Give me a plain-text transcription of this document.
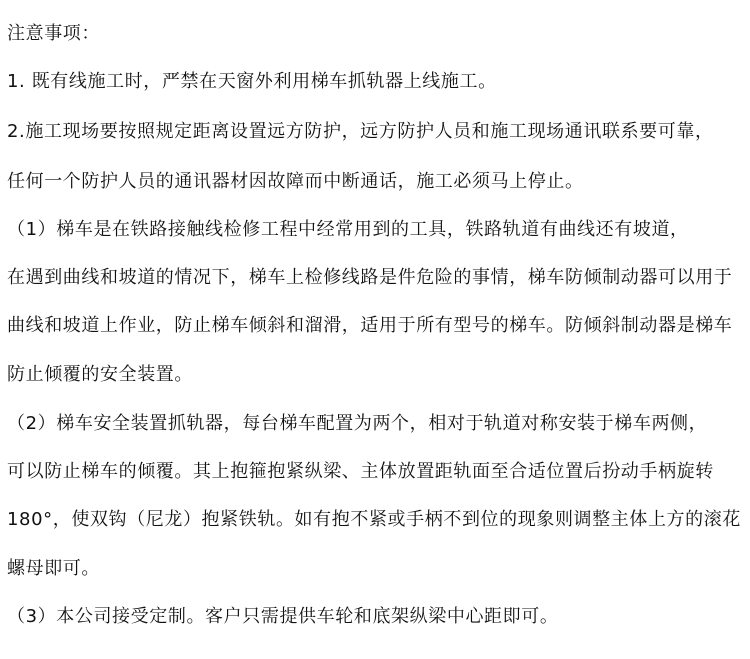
注意事项：
1. 既有线施工时，严禁在天窗外利用梯车抓轨器上线施工。
2.施工现场要按照规定距离设置远方防护，远方防护人员和施工现场通讯联系要可靠，
任何一个防护人员的通讯器材因故障而中断通话，施工必须马上停止。
（1）梯车是在铁路接触线检修工程中经常用到的工具，铁路轨道有曲线还有坡道，
在遇到曲线和坡道的情况下，梯车上检修线路是件危险的事情，梯车防倾制动器可以用于
曲线和坡道上作业，防止梯车倾斜和溜滑，适用于所有型号的梯车。防倾斜制动器是梯车
防止倾覆的安全装置。
（2）梯车安全装置抓轨器，每台梯车配置为两个，相对于轨道对称安装于梯车两侧，
可以防止梯车的倾覆。其上抱箍抱紧纵梁、主体放置距轨面至合适位置后扮动手柄旋转
180°，使双钩（尼龙）抱紧铁轨。如有抱不紧或手柄不到位的现象则调整主体上方的滚花
螺母即可。
（3）本公司接受定制。客户只需提供车轮和底架纵梁中心距即可。
